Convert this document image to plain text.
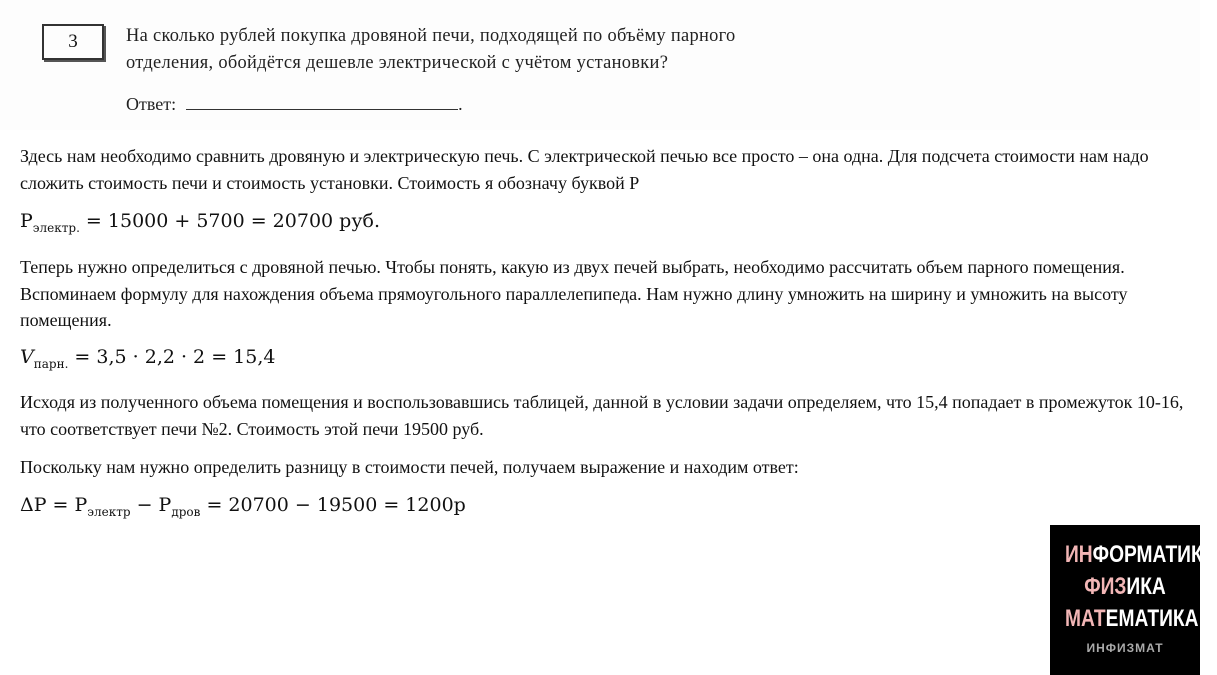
3	На сколько рублей покупка дровяной печи, подходящей по объёму парного
отделения, обойдётся дешевле электрической с учётом установки?
Ответ:	.
Здесь нам необходимо сравнить дровяную и электрическую печь. С электрической печью все просто – она одна. Для подсчета стоимости нам надо сложить стоимость печи и стоимость установки. Стоимость я обозначу буквой Р
$P_{электр.} = 15000 + 5700 = 20700$ руб.
Теперь нужно определиться с дровяной печью. Чтобы понять, какую из двух печей выбрать, необходимо рассчитать объем парного помещения. Вспоминаем формулу для нахождения объема прямоугольного параллелепипеда. Нам нужно длину умножить на ширину и умножить на высоту помещения.
$V_{парн.} = 3,5 \cdot 2,2 \cdot 2 = 15,4$
Исходя из полученного объема помещения и воспользовавшись таблицей, данной в условии задачи определяем, что 15,4 попадает в промежуток 10-16, что соответствует печи №2. Стоимость этой печи 19500 руб.
Поскольку нам нужно определить разницу в стоимости печей, получаем выражение и находим ответ:
$\Delta P = P_{электр} - P_{дров} = 20700 - 19500 = 1200р$
ИНФОРМАТИКА
ФИЗИКА
МАТЕМАТИКА
ИНФИЗМАТ
